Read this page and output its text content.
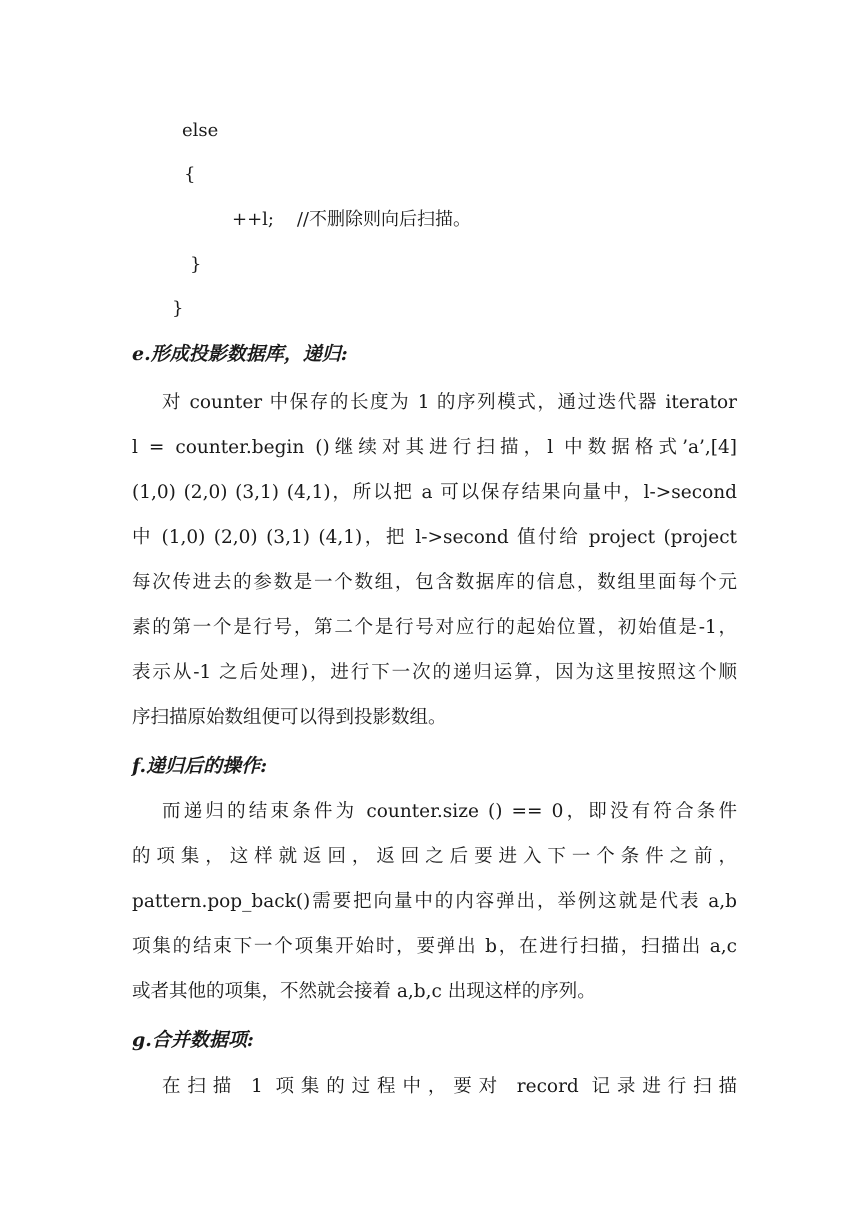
else
{
++l;    //不删除则向后扫描。
}
}
e.形成投影数据库，递归:
对 counter 中保存的长度为 1 的序列模式，通过迭代器 iterator
l = counter.begin ()继续对其进行扫描，l 中数据格式’a’,[4]
(1,0) (2,0) (3,1) (4,1)，所以把 a 可以保存结果向量中，l->second
中 (1,0) (2,0) (3,1) (4,1)，把 l->second 值付给 project (project
每次传进去的参数是一个数组，包含数据库的信息，数组里面每个元
素的第一个是行号，第二个是行号对应行的起始位置，初始值是-1，
表示从-1 之后处理)，进行下一次的递归运算，因为这里按照这个顺
序扫描原始数组便可以得到投影数组。
f.递归后的操作:
而递归的结束条件为 counter.size () == 0，即没有符合条件
的项集，这样就返回，返回之后要进入下一个条件之前，
pattern.pop_back()需要把向量中的内容弹出，举例这就是代表 a,b
项集的结束下一个项集开始时，要弹出 b，在进行扫描，扫描出 a,c
或者其他的项集，不然就会接着 a,b,c 出现这样的序列。
g.合并数据项:
在扫描 1 项集的过程中，要对 record 记录进行扫描
